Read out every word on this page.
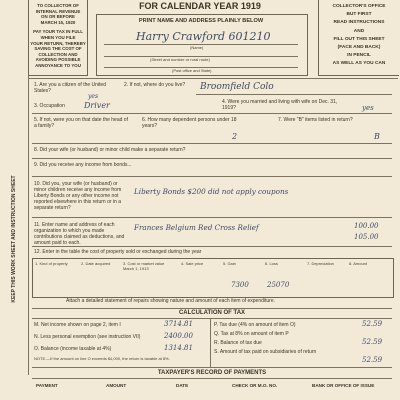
TO COLLECTOR OF
INTERNAL REVENUE
ON OR BEFORE
MARCH 15, 1920
PAY YOUR TAX IN FULL
WHEN YOU FILE
YOUR RETURN, THEREBY
SAVING THE COST OF
COLLECTION AND
AVOIDING POSSIBLE
ANNOYANCE TO YOU
KEEP THIS WORK SHEET AND INSTRUCTION SHEET
FOR CALENDAR YEAR 1919
PRINT NAME AND ADDRESS PLAINLY BELOW
Harry Crawford 601210
(Name)
(Street and number or rural route)
(Post office and State)
COLLECTOR'S OFFICE
BUT FIRST
READ INSTRUCTIONS
AND
FILL OUT THIS SHEET
(FACE AND BACK)
IN PENCIL
AS WELL AS YOU CAN
1. Are you a citizen of the United States?
yes
2. If not, where do you live?	Broomfield Colo
3. Occupation Driver	4. Were you married and living with wife on Dec. 31, 1919?	yes
5. If not, were you on that date the head of a family?
6. How many dependent persons under 18 years?
2
7. Were "B" items listed in return?
B
8. Did your wife (or husband) or minor child make a separate return?
9. Did you receive any income from bonds...
10. Did you, your wife (or husband) or minor children receive any income from Liberty Bonds or any other income not reported elsewhere in this return or in a separate return?
Liberty Bonds $200 did not apply coupons
11. Enter name and address of each organization to which you made contributions claimed as deductions, and amount paid to each.
Frances Belgium Red Cross Relief	100.00
105.00
12. Enter in the table the cost of property sold or exchanged during the year
1. Kind of property	2. Date acquired	3. Cost or market value March 1, 1913
4. Sale price	5. Gain	6. Loss	7. Depreciation	8. Amount
7300	25070
Attach a detailed statement of repairs showing nature and amount of each item of expenditure.
CALCULATION OF TAX
M. Net income shown on page 2, item I	3714.81
N. Less personal exemption (see instruction VII)	2400.00
O. Balance (income taxable at 4%)	1314.81
NOTE.—If the amount on line O exceeds $4,000, the return is taxable at 8%.
P. Tax due (4% on amount of item O)	52.59
Q. Tax at 8% on amount of item P
R. Balance of tax due	52.59
S. Amount of tax paid on subsidiaries of return
52.59
TAXPAYER'S RECORD OF PAYMENTS
PAYMENT	AMOUNT	DATE	CHECK OR M.O. NO.	BANK OR OFFICE OF ISSUE
